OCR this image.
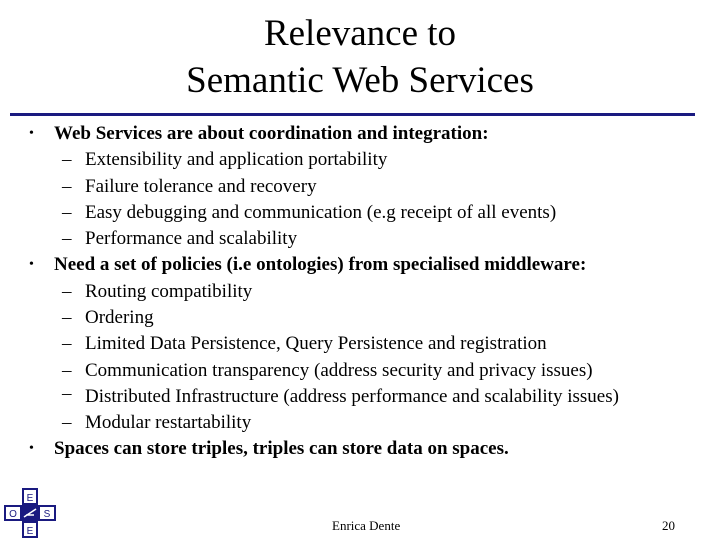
Relevance to
Semantic Web Services
• Web Services are about coordination and integration:
– Extensibility and application portability
– Failure tolerance and recovery
– Easy debugging and communication (e.g receipt of all events)
– Performance and scalability
• Need a set of policies (i.e ontologies) from specialised middleware:
– Routing compatibility
– Ordering
– Limited Data Persistence, Query Persistence and registration
– Communication transparency (address security and privacy issues)
– Distributed Infrastructure (address performance and scalability issues)
– Modular restartability
• Spaces can store triples, triples can store data on spaces.
E
S
E
O
Enrica Dente	20
